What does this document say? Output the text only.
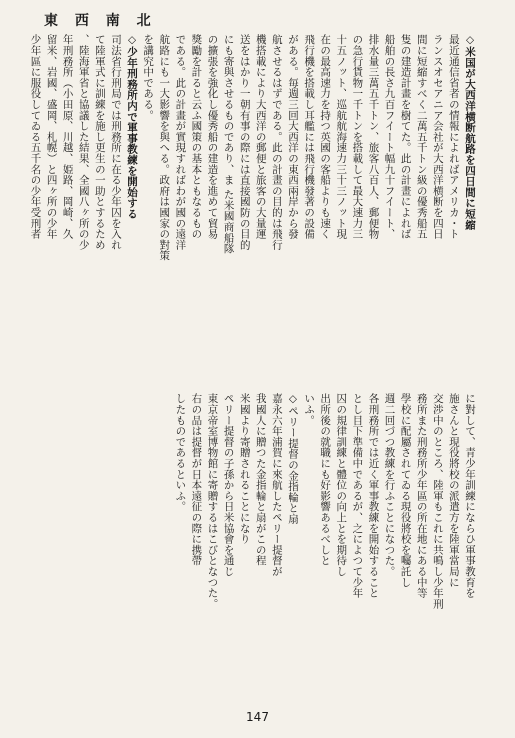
東 西 南 北
◇米国が大西洋横断航路を四日間に短縮
最近通信省者の情報によればアメリカ・ト
ランスオセアニア会社が大西洋横断を四日
間に短縮すべく二萬五千トン級の優秀船五
隻の建造計畫を樹てた。此の計畫によれば
船舶の長さ九百フイート幅九十フイート、
排水量三萬五千トン、旅客八百人、郵便物
の急行貨物一千トンを搭載して最大速力三
十五ノット、巡航航海速力三十三ノット現
在の最高速力を持つ英國の客船よりも速く
飛行機を搭載し耳艦には飛行機發著の設備
がある。毎週三回大西洋の東西兩岸から發
航させるはずである。此の計畫の目的は飛行
機搭載により大西洋の郵便と旅客の大量運
送をはかり一朝有事の際には直接國防の目的
にも寄與させるものであり、ま た米國商船隊
の擴張を強化し優秀船の建造を進めて貿易
獎勵を計ると云ふ國策の基本ともなるもの
である。此の計畫が實現すればわが國の遠洋
航路にも一大影響を與へる。政府は國家の對策
を講究中である。
◇少年刑務所内で軍事教練を開始する
司法省行刑局では刑務所に在る少年囚を入れ
て陸軍式に訓練を施し更生の一助とするため
、陸海軍省と協議した結果、全國八ヶ所の少
年刑務所（小田原、川越、姫路、岡崎、久
留米、岩國、盛岡、札幌）と四ヶ所の少年
少年區に服役してゐる五千名の少年受刑者
に對して、青少年訓練にならひ軍事教育を
施さんと現役將校の派遣方を陸軍當局に
交渉中のところ、陸軍もこれに共鳴し少年刑
務所また刑務所少年區の所在地にある中等
學校に配屬されてゐる現役將校を囑託し
週二回づつ教練を行ふことになつた。
各刑務所では近く軍事教練を開始すること
とし目下準備中であるが、之によつて少年
囚の規律訓練と體位の向上とを期待し
出所後の就職にも好影響あるべしと
いふ。
◇ペリー提督の金指輪と扇
嘉永六年浦賀に來航したペリー提督が
我國人に贈つた金指輪と扇がこの程
米國より寄贈されることになり
ペリー提督の子孫から日米協會を通じ
東京帝室博物館に寄贈するはこびとなつた。
右の品は提督が日本遠征の際に携帶
したものであるといふ。
147
